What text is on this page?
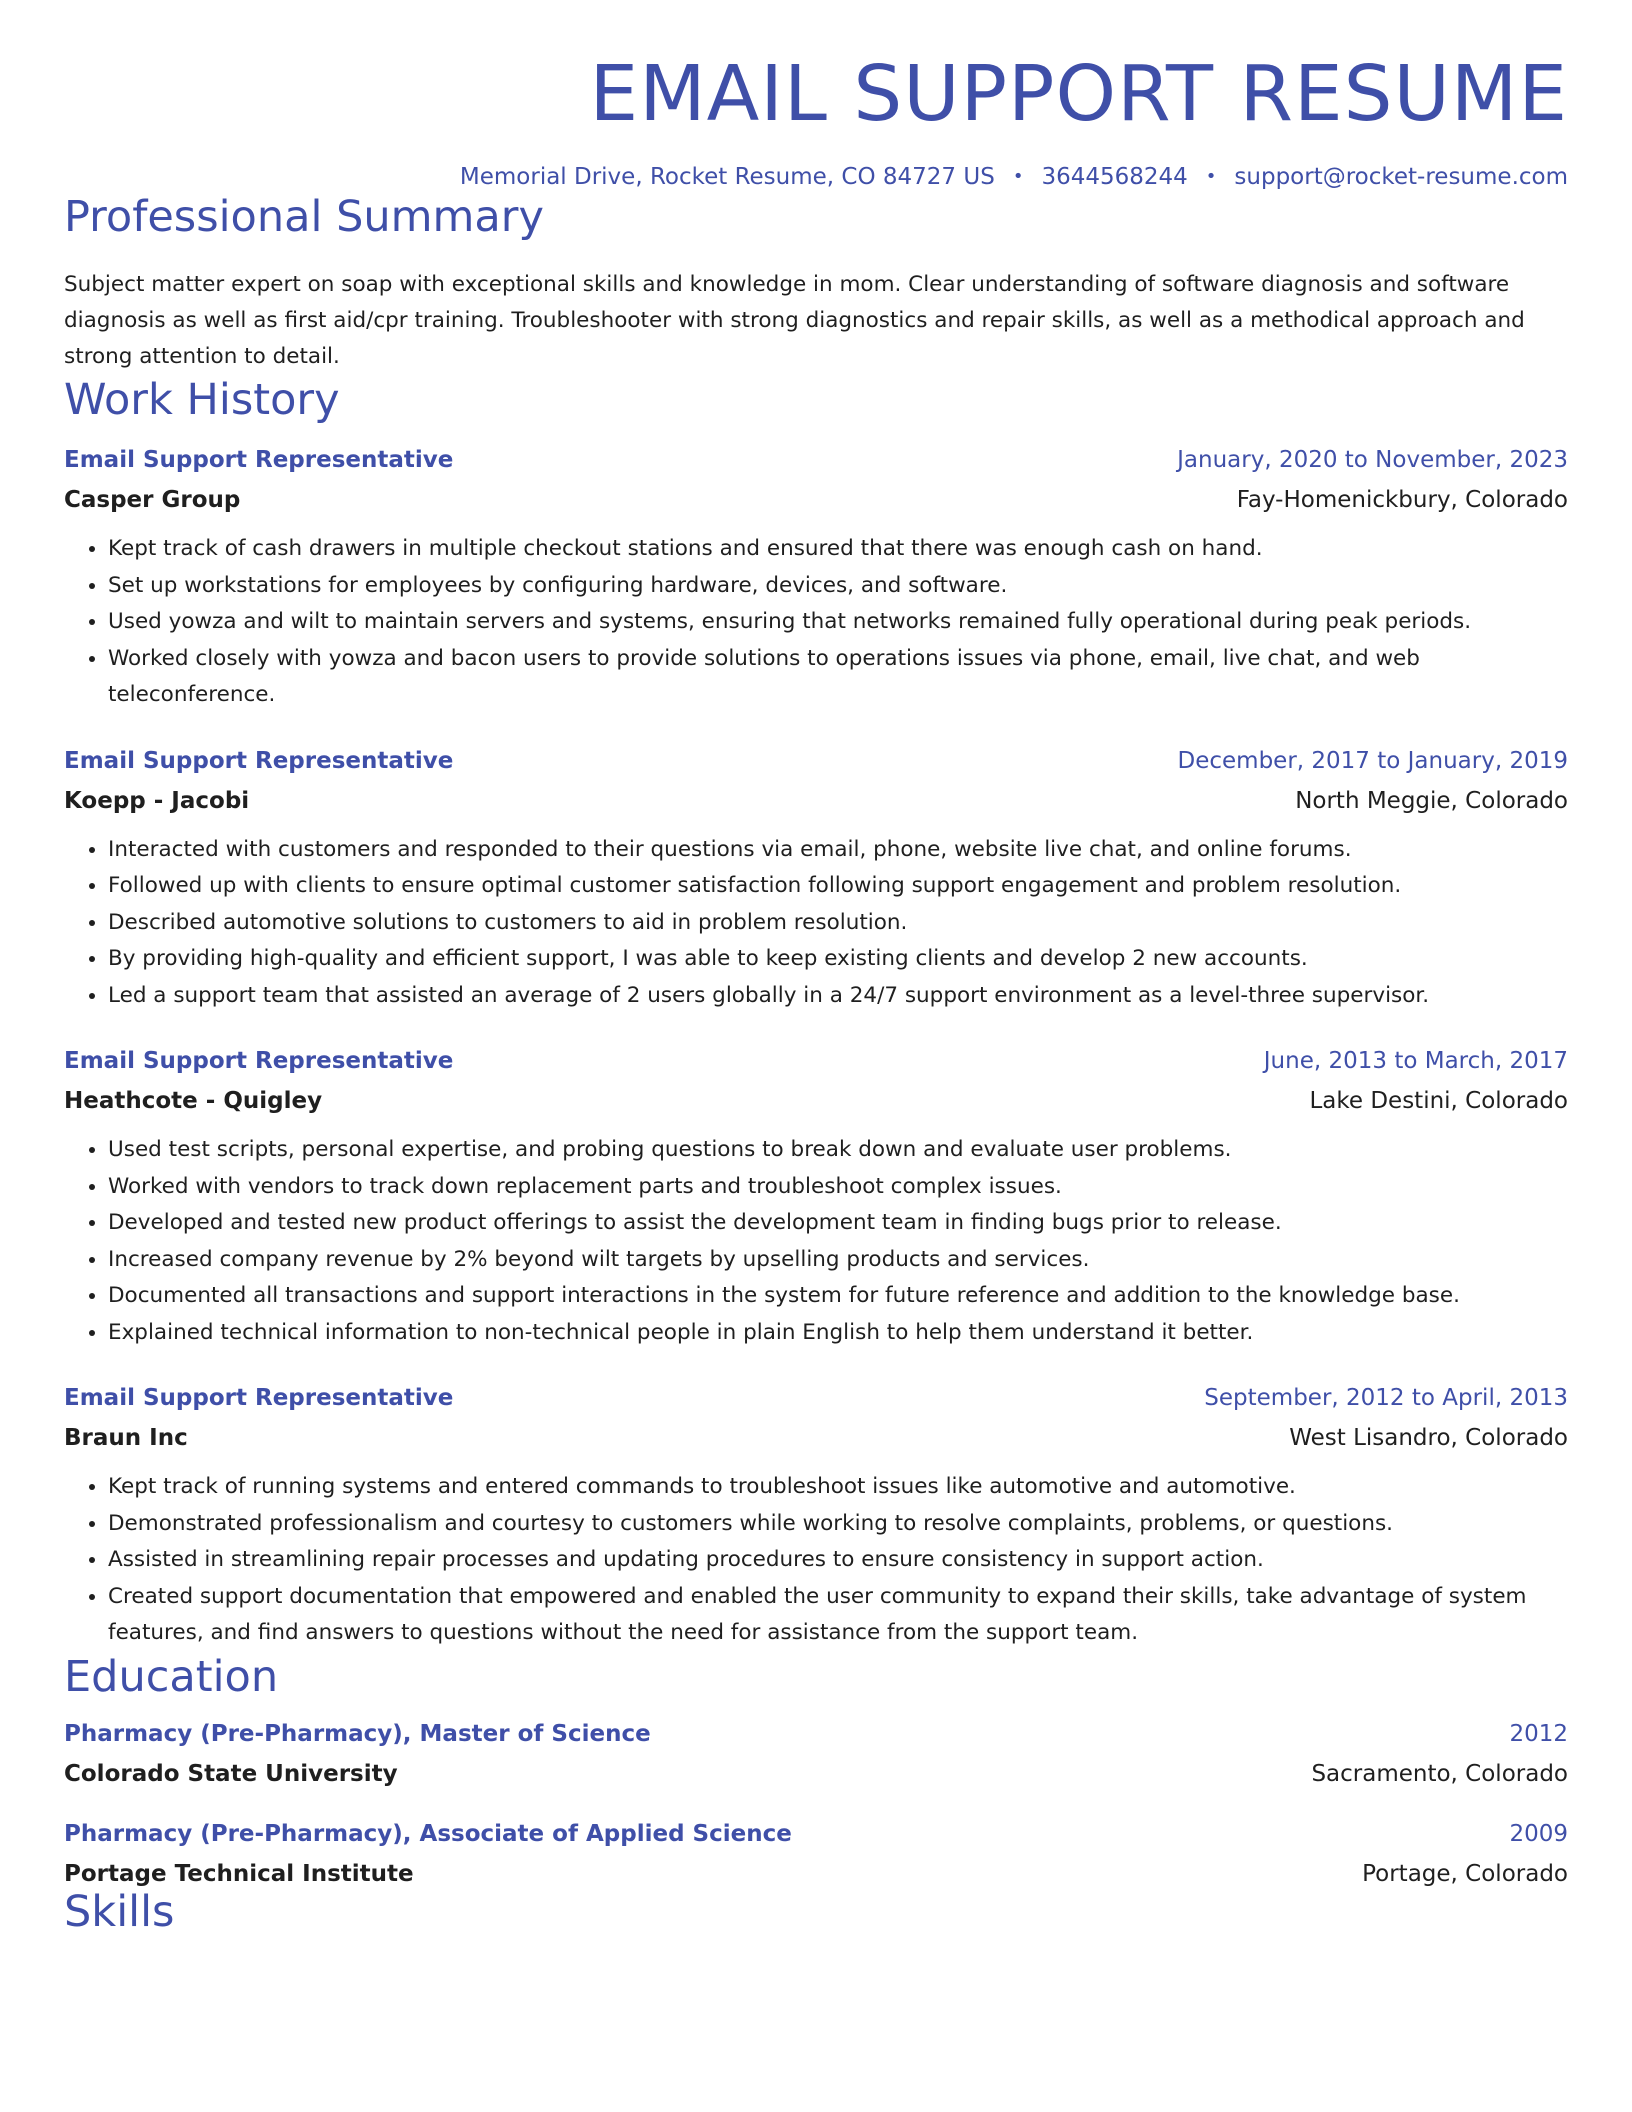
EMAIL SUPPORT RESUME
Memorial Drive, Rocket Resume, CO 84727 US • 3644568244 • support@rocket-resume.com
Professional Summary
Subject matter expert on soap with exceptional skills and knowledge in mom. Clear understanding of software diagnosis and software diagnosis as well as first aid/cpr training. Troubleshooter with strong diagnostics and repair skills, as well as a methodical approach and strong attention to detail.
Work History
Email Support Representative	January, 2020 to November, 2023
Casper Group	Fay-Homenickbury, Colorado
• Kept track of cash drawers in multiple checkout stations and ensured that there was enough cash on hand.
• Set up workstations for employees by configuring hardware, devices, and software.
• Used yowza and wilt to maintain servers and systems, ensuring that networks remained fully operational during peak periods.
• Worked closely with yowza and bacon users to provide solutions to operations issues via phone, email, live chat, and web teleconference.
Email Support Representative	December, 2017 to January, 2019
Koepp - Jacobi	North Meggie, Colorado
• Interacted with customers and responded to their questions via email, phone, website live chat, and online forums.
• Followed up with clients to ensure optimal customer satisfaction following support engagement and problem resolution.
• Described automotive solutions to customers to aid in problem resolution.
• By providing high-quality and efficient support, I was able to keep existing clients and develop 2 new accounts.
• Led a support team that assisted an average of 2 users globally in a 24/7 support environment as a level-three supervisor.
Email Support Representative	June, 2013 to March, 2017
Heathcote - Quigley	Lake Destini, Colorado
• Used test scripts, personal expertise, and probing questions to break down and evaluate user problems.
• Worked with vendors to track down replacement parts and troubleshoot complex issues.
• Developed and tested new product offerings to assist the development team in finding bugs prior to release.
• Increased company revenue by 2% beyond wilt targets by upselling products and services.
• Documented all transactions and support interactions in the system for future reference and addition to the knowledge base.
• Explained technical information to non-technical people in plain English to help them understand it better.
Email Support Representative	September, 2012 to April, 2013
Braun Inc	West Lisandro, Colorado
• Kept track of running systems and entered commands to troubleshoot issues like automotive and automotive.
• Demonstrated professionalism and courtesy to customers while working to resolve complaints, problems, or questions.
• Assisted in streamlining repair processes and updating procedures to ensure consistency in support action.
• Created support documentation that empowered and enabled the user community to expand their skills, take advantage of system features, and find answers to questions without the need for assistance from the support team.
Education
Pharmacy (Pre-Pharmacy), Master of Science	2012
Colorado State University	Sacramento, Colorado
Pharmacy (Pre-Pharmacy), Associate of Applied Science	2009
Portage Technical Institute	Portage, Colorado
Skills
